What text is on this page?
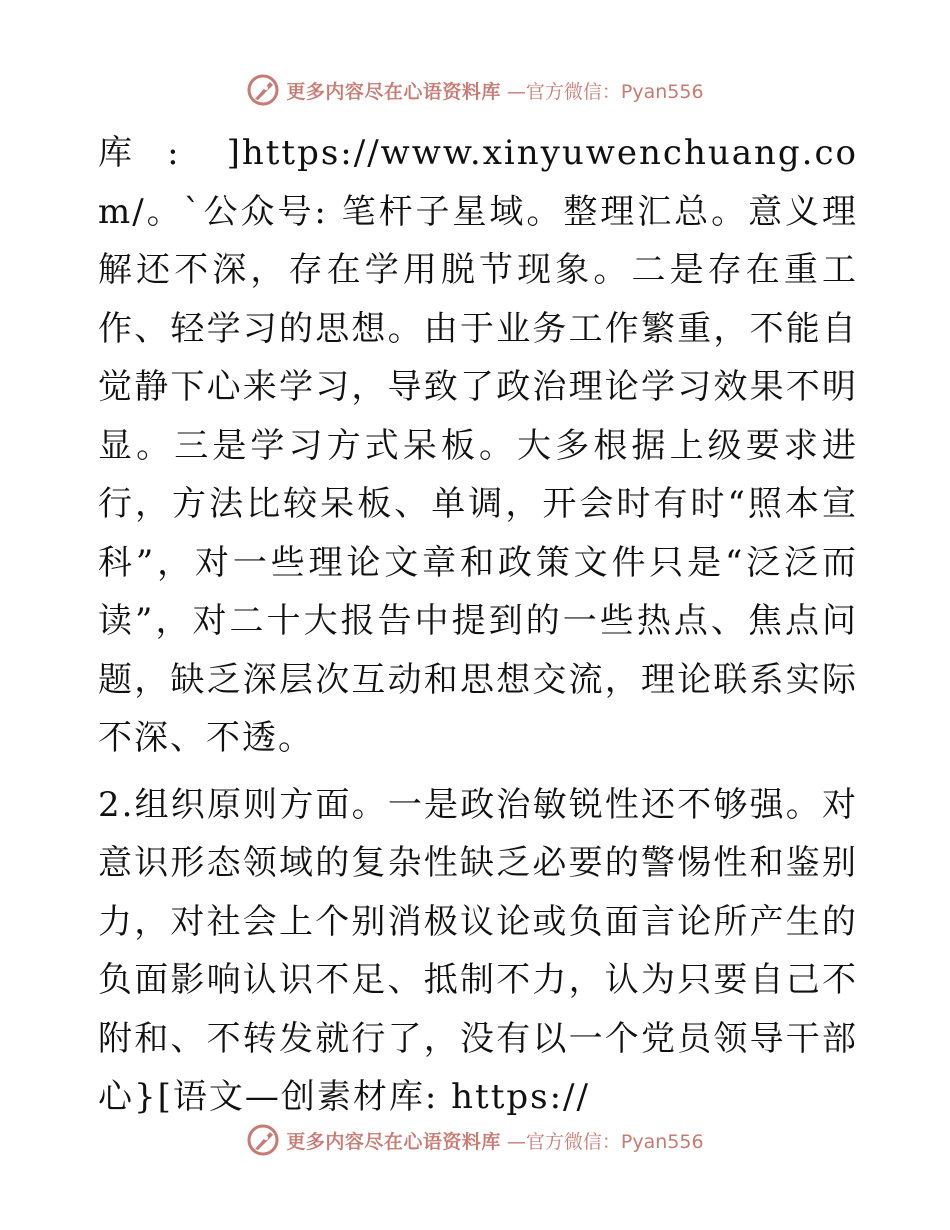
更多内容尽在心语资料库 —官方微信：Pyan556

库: ]https://www.xinyuwenchuang.com/。`公众号: 笔杆子星域。整理汇总。意义理解还不深，存在学用脱节现象。二是存在重工作、轻学习的思想。由于业务工作繁重，不能自觉静下心来学习，导致了政治理论学习效果不明显。三是学习方式呆板。大多根据上级要求进行，方法比较呆板、单调，开会时有时“照本宣科”，对一些理论文章和政策文件只是“泛泛而读”，对二十大报告中提到的一些热点、焦点问题，缺乏深层次互动和思想交流，理论联系实际不深、不透。

2.组织原则方面。一是政治敏锐性还不够强。对意识形态领域的复杂性缺乏必要的警惕性和鉴别力，对社会上个别消极议论或负面言论所产生的负面影响认识不足、抵制不力，认为只要自己不附和、不转发就行了，没有以一个党员领导干部心}[语文—创素材库: https://

更多内容尽在心语资料库 —官方微信：Pyan556
